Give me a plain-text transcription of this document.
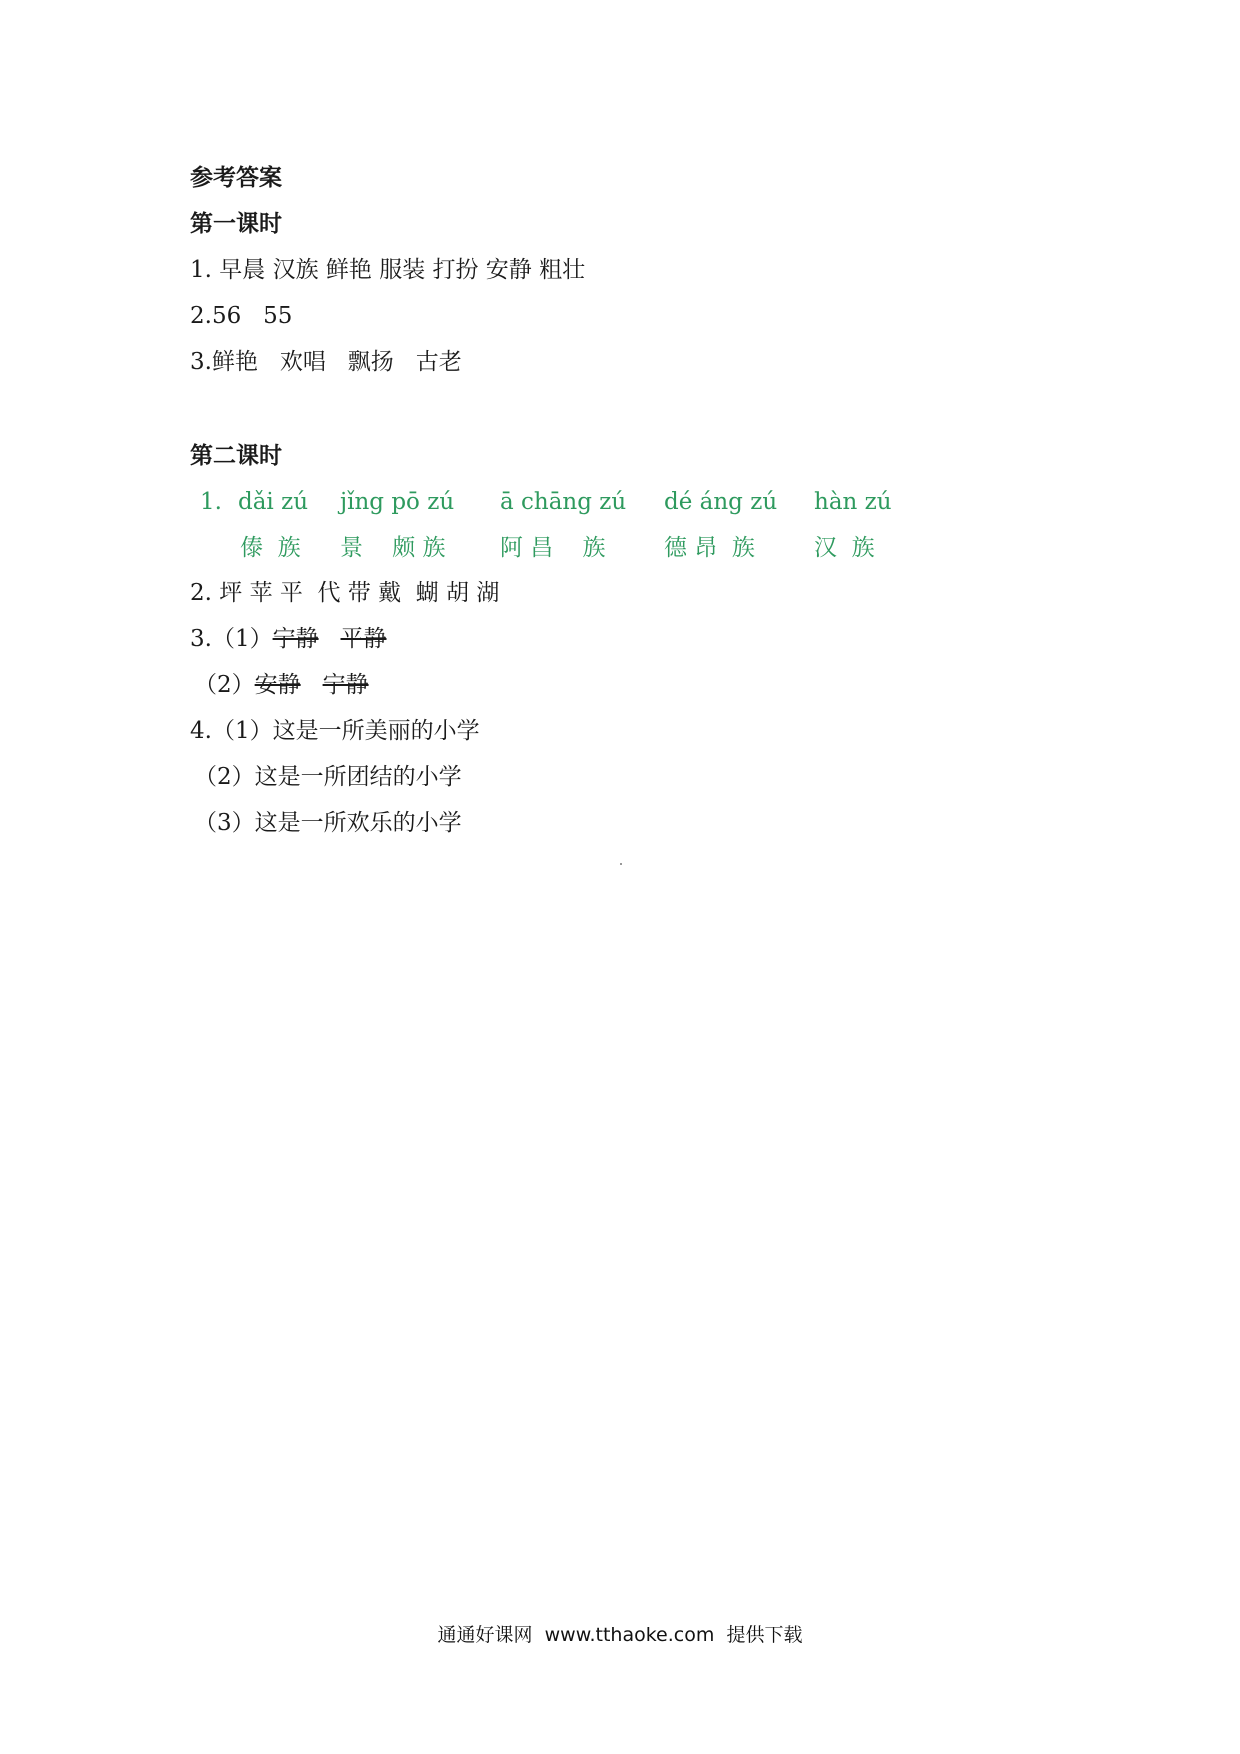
参考答案
第一课时
1. 早晨 汉族 鲜艳 服装 打扮 安静 粗壮
2.56   55
3.鲜艳   欢唱   飘扬   古老
第二课时
1.

dǎi zú

jǐng pō zú

ā chāng zú

dé áng zú

hàn zú

傣  族

景    颇 族

阿 昌    族

	德 昂  族

	汉  族

2. 坪 苹 平  代 带 戴  蝴 胡 湖
3.（1）宁静 平静
（2）安静 宁静
4.（1）这是一所美丽的小学
（2）这是一所团结的小学
（3）这是一所欢乐的小学
通通好课网  www.tthaoke.com  提供下载
